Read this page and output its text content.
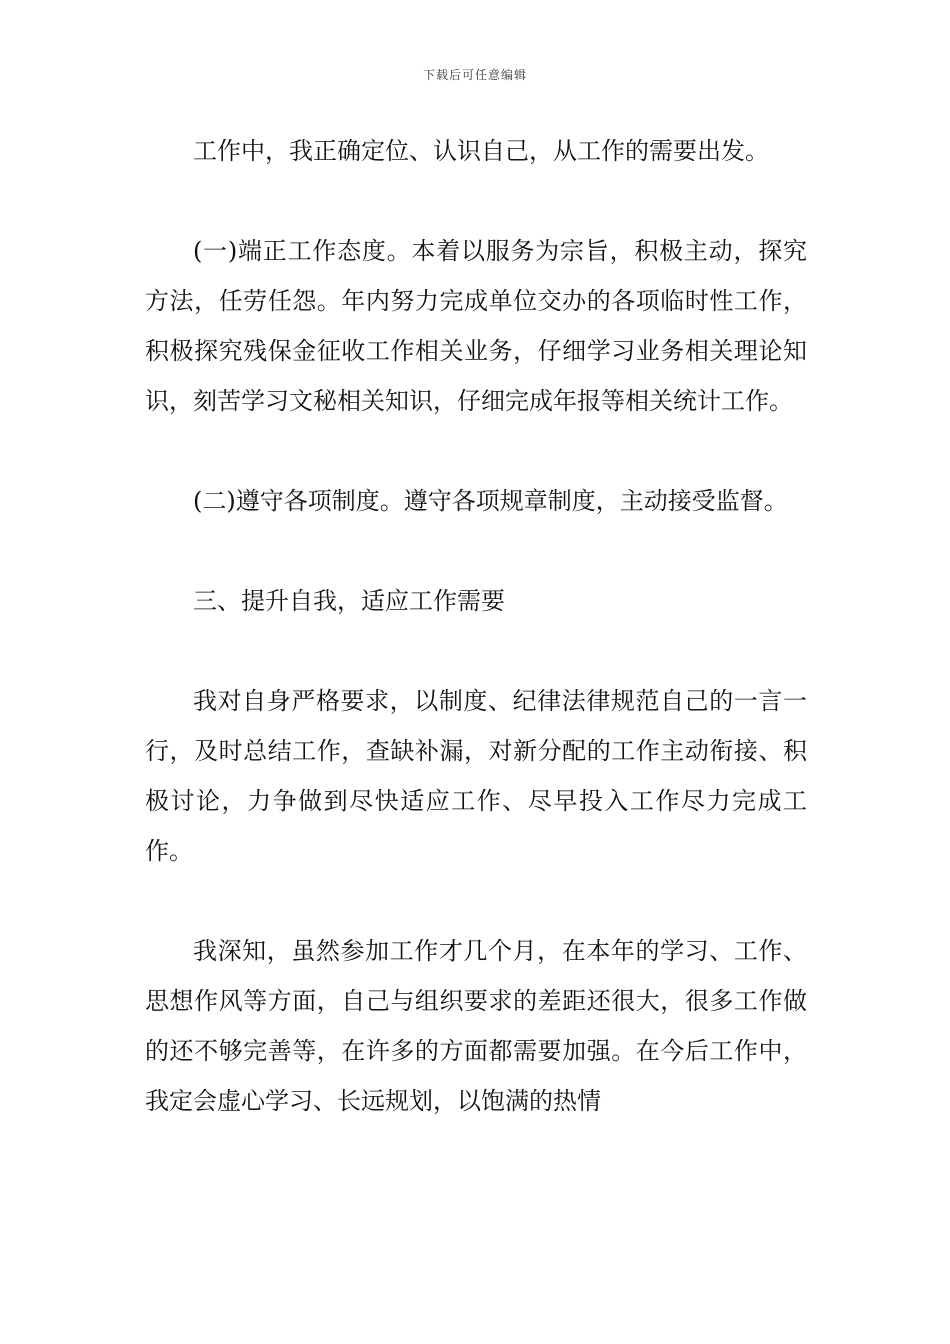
下载后可任意编辑

工作中，我正确定位、认识自己，从工作的需要出发。

(一)端正工作态度。本着以服务为宗旨，积极主动，探究方法，任劳任怨。年内努力完成单位交办的各项临时性工作，积极探究残保金征收工作相关业务，仔细学习业务相关理论知识，刻苦学习文秘相关知识，仔细完成年报等相关统计工作。

(二)遵守各项制度。遵守各项规章制度，主动接受监督。

三、提升自我，适应工作需要

我对自身严格要求，以制度、纪律法律规范自己的一言一行，及时总结工作，查缺补漏，对新分配的工作主动衔接、积极讨论，力争做到尽快适应工作、尽早投入工作尽力完成工作。

我深知，虽然参加工作才几个月，在本年的学习、工作、思想作风等方面，自己与组织要求的差距还很大，很多工作做的还不够完善等，在许多的方面都需要加强。在今后工作中，我定会虚心学习、长远规划，以饱满的热情
